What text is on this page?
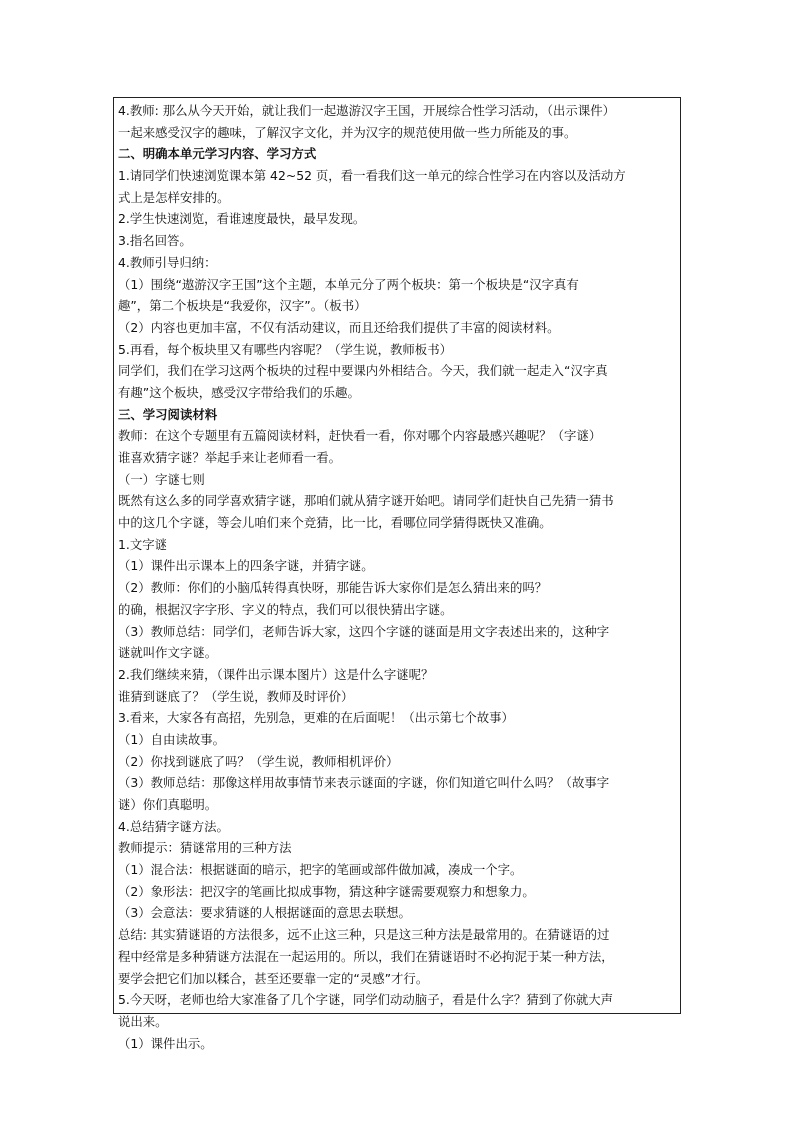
4.教师: 那么从今天开始，就让我们一起遨游汉字王国，开展综合性学习活动，（出示课件）
一起来感受汉字的趣味，了解汉字文化，并为汉字的规范使用做一些力所能及的事。
二、明确本单元学习内容、学习方式
1.请同学们快速浏览课本第 42~52 页，看一看我们这一单元的综合性学习在内容以及活动方
式上是怎样安排的。
2.学生快速浏览，看谁速度最快，最早发现。
3.指名回答。
4.教师引导归纳：
（1）围绕“遨游汉字王国”这个主题，本单元分了两个板块：第一个板块是“汉字真有
趣”，第二个板块是“我爱你，汉字”。（板书）
（2）内容也更加丰富，不仅有活动建议，而且还给我们提供了丰富的阅读材料。
5.再看，每个板块里又有哪些内容呢？（学生说，教师板书）
同学们，我们在学习这两个板块的过程中要课内外相结合。今天，我们就一起走入“汉字真
有趣”这个板块，感受汉字带给我们的乐趣。
三、学习阅读材料
教师：在这个专题里有五篇阅读材料，赶快看一看，你对哪个内容最感兴趣呢？（字谜）
谁喜欢猜字谜？举起手来让老师看一看。
（一）字谜七则
既然有这么多的同学喜欢猜字谜，那咱们就从猜字谜开始吧。请同学们赶快自己先猜一猜书
中的这几个字谜，等会儿咱们来个竞猜，比一比，看哪位同学猜得既快又准确。
1.文字谜
（1）课件出示课本上的四条字谜，并猜字谜。
（2）教师：你们的小脑瓜转得真快呀，那能告诉大家你们是怎么猜出来的吗？
的确，根据汉字字形、字义的特点，我们可以很快猜出字谜。
（3）教师总结：同学们，老师告诉大家，这四个字谜的谜面是用文字表述出来的，这种字
谜就叫作文字谜。
2.我们继续来猜，（课件出示课本图片）这是什么字谜呢？
谁猜到谜底了？（学生说，教师及时评价）
3.看来，大家各有高招，先别急，更难的在后面呢！（出示第七个故事）
（1）自由读故事。
（2）你找到谜底了吗？（学生说，教师相机评价）
（3）教师总结：那像这样用故事情节来表示谜面的字谜，你们知道它叫什么吗？（故事字
谜）你们真聪明。
4.总结猜字谜方法。
教师提示：猜谜常用的三种方法
（1）混合法：根据谜面的暗示，把字的笔画或部件做加减，凑成一个字。
（2）象形法：把汉字的笔画比拟成事物，猜这种字谜需要观察力和想象力。
（3）会意法：要求猜谜的人根据谜面的意思去联想。
总结: 其实猜谜语的方法很多，远不止这三种，只是这三种方法是最常用的。在猜谜语的过
程中经常是多种猜谜方法混在一起运用的。所以，我们在猜谜语时不必拘泥于某一种方法，
要学会把它们加以糅合，甚至还要靠一定的“灵感”才行。
5.今天呀，老师也给大家准备了几个字谜，同学们动动脑子，看是什么字？猜到了你就大声
说出来。
（1）课件出示。
